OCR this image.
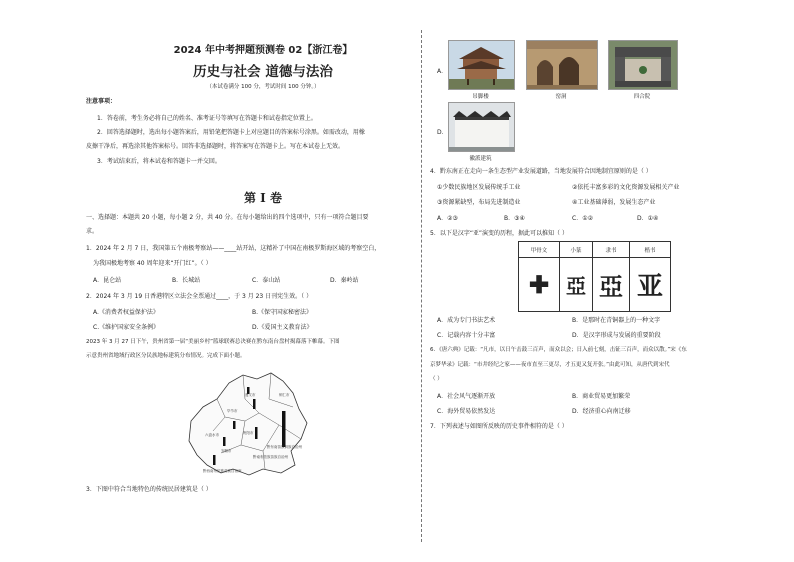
2024 年中考押题预测卷 02【浙江卷】
历史与社会 道德与法治
（本试卷满分 100 分，考试时间 100 分钟。）
注意事项：
1．答卷前，考生务必将自己的姓名、准考证号等填写在答题卡和试卷指定位置上。
2．回答选择题时，选出每小题答案后，用铅笔把答题卡上对应题目的答案标号涂黑。如需改动，用橡
皮擦干净后，再选涂其他答案标号。回答非选择题时，将答案写在答题卡上。写在本试卷上无效。
3．考试结束后，将本试卷和答题卡一并交回。
第 I 卷
一、选择题：本题共 20 小题，每小题 2 分，共 40 分。在每小题给出的四个选项中，只有一项符合题目要
求。
1．2024 年 2 月 7 日，我国第五个南极考察站——____站开站，这精补了中国在南极罗斯海区域的考察空白，
为我国极地考察 40 周年迎来“开门红”。（ ）
A．昆仑站	B．长城站	C．泰山站	D．秦岭站
2．2024 年 3 月 19 日香港特区立法会全票通过____，于 3 月 23 日刊宪生效。（ ）
A.《消费者权益保护法》	B.《保守国家秘密法》
C.《维护国家安全条例》	D.《爱国主义教育法》
2023 年 3 月 27 日下午，贵州省第一届“美丽乡村”篮球联赛总决赛在黔东南台盘村揭幕落下帷幕。下图
示意贵州省地域行政区分民族地标建筑分布情况。完成下面小题。
毕节市
遵义市
六盘水市
安顺市
贵阳市
铜仁市
黔西南布依族苗族自治州
黔南布依族苗族自治州
黔东南苗族侗族自治州
3．下图中符合当地特色的传统民居建筑是（ ）
A．
吊脚楼	窑洞	四合院
D．
徽派建筑
4．黔东南正在走向一条生态型产业发展道路，当地发展符合因地制宜原则的是（ ）
①少数民族地区发展传统手工业	②依托丰富多彩的文化资源发展相关产业
③资源紧缺型，布局先进制造业	④工业基础薄弱，发展生态产业
A．②③	B．③④	C．①②	D．①④
5．以下是汉字“亚”演变的历程，据此可以推知（ ）
甲骨文	小篆	隶书	楷书
✚	亞	亞	亚
A．成为专门书法艺术	B．是那时在青铜器上的一种文字
C．记载内容十分丰富	D．是汉字形成与发展的重要阶段
6．《唐六典》记载：“凡市，以日午击鼓三百声，而众以会；日入前七刻，击钲三百声，而众以散。”宋《东
京梦华录》记载：“市井经纪之家——夜市直至三更尽，才五更又复开张。”由此可知，从唐代到宋代
（ ）
A．社会风气逐渐开放	B．商业贸易更加繁荣
C．海外贸易依然发达	D．经济重心向南迁移
7．下列表述与如图所反映的历史事件相符的是（ ）
